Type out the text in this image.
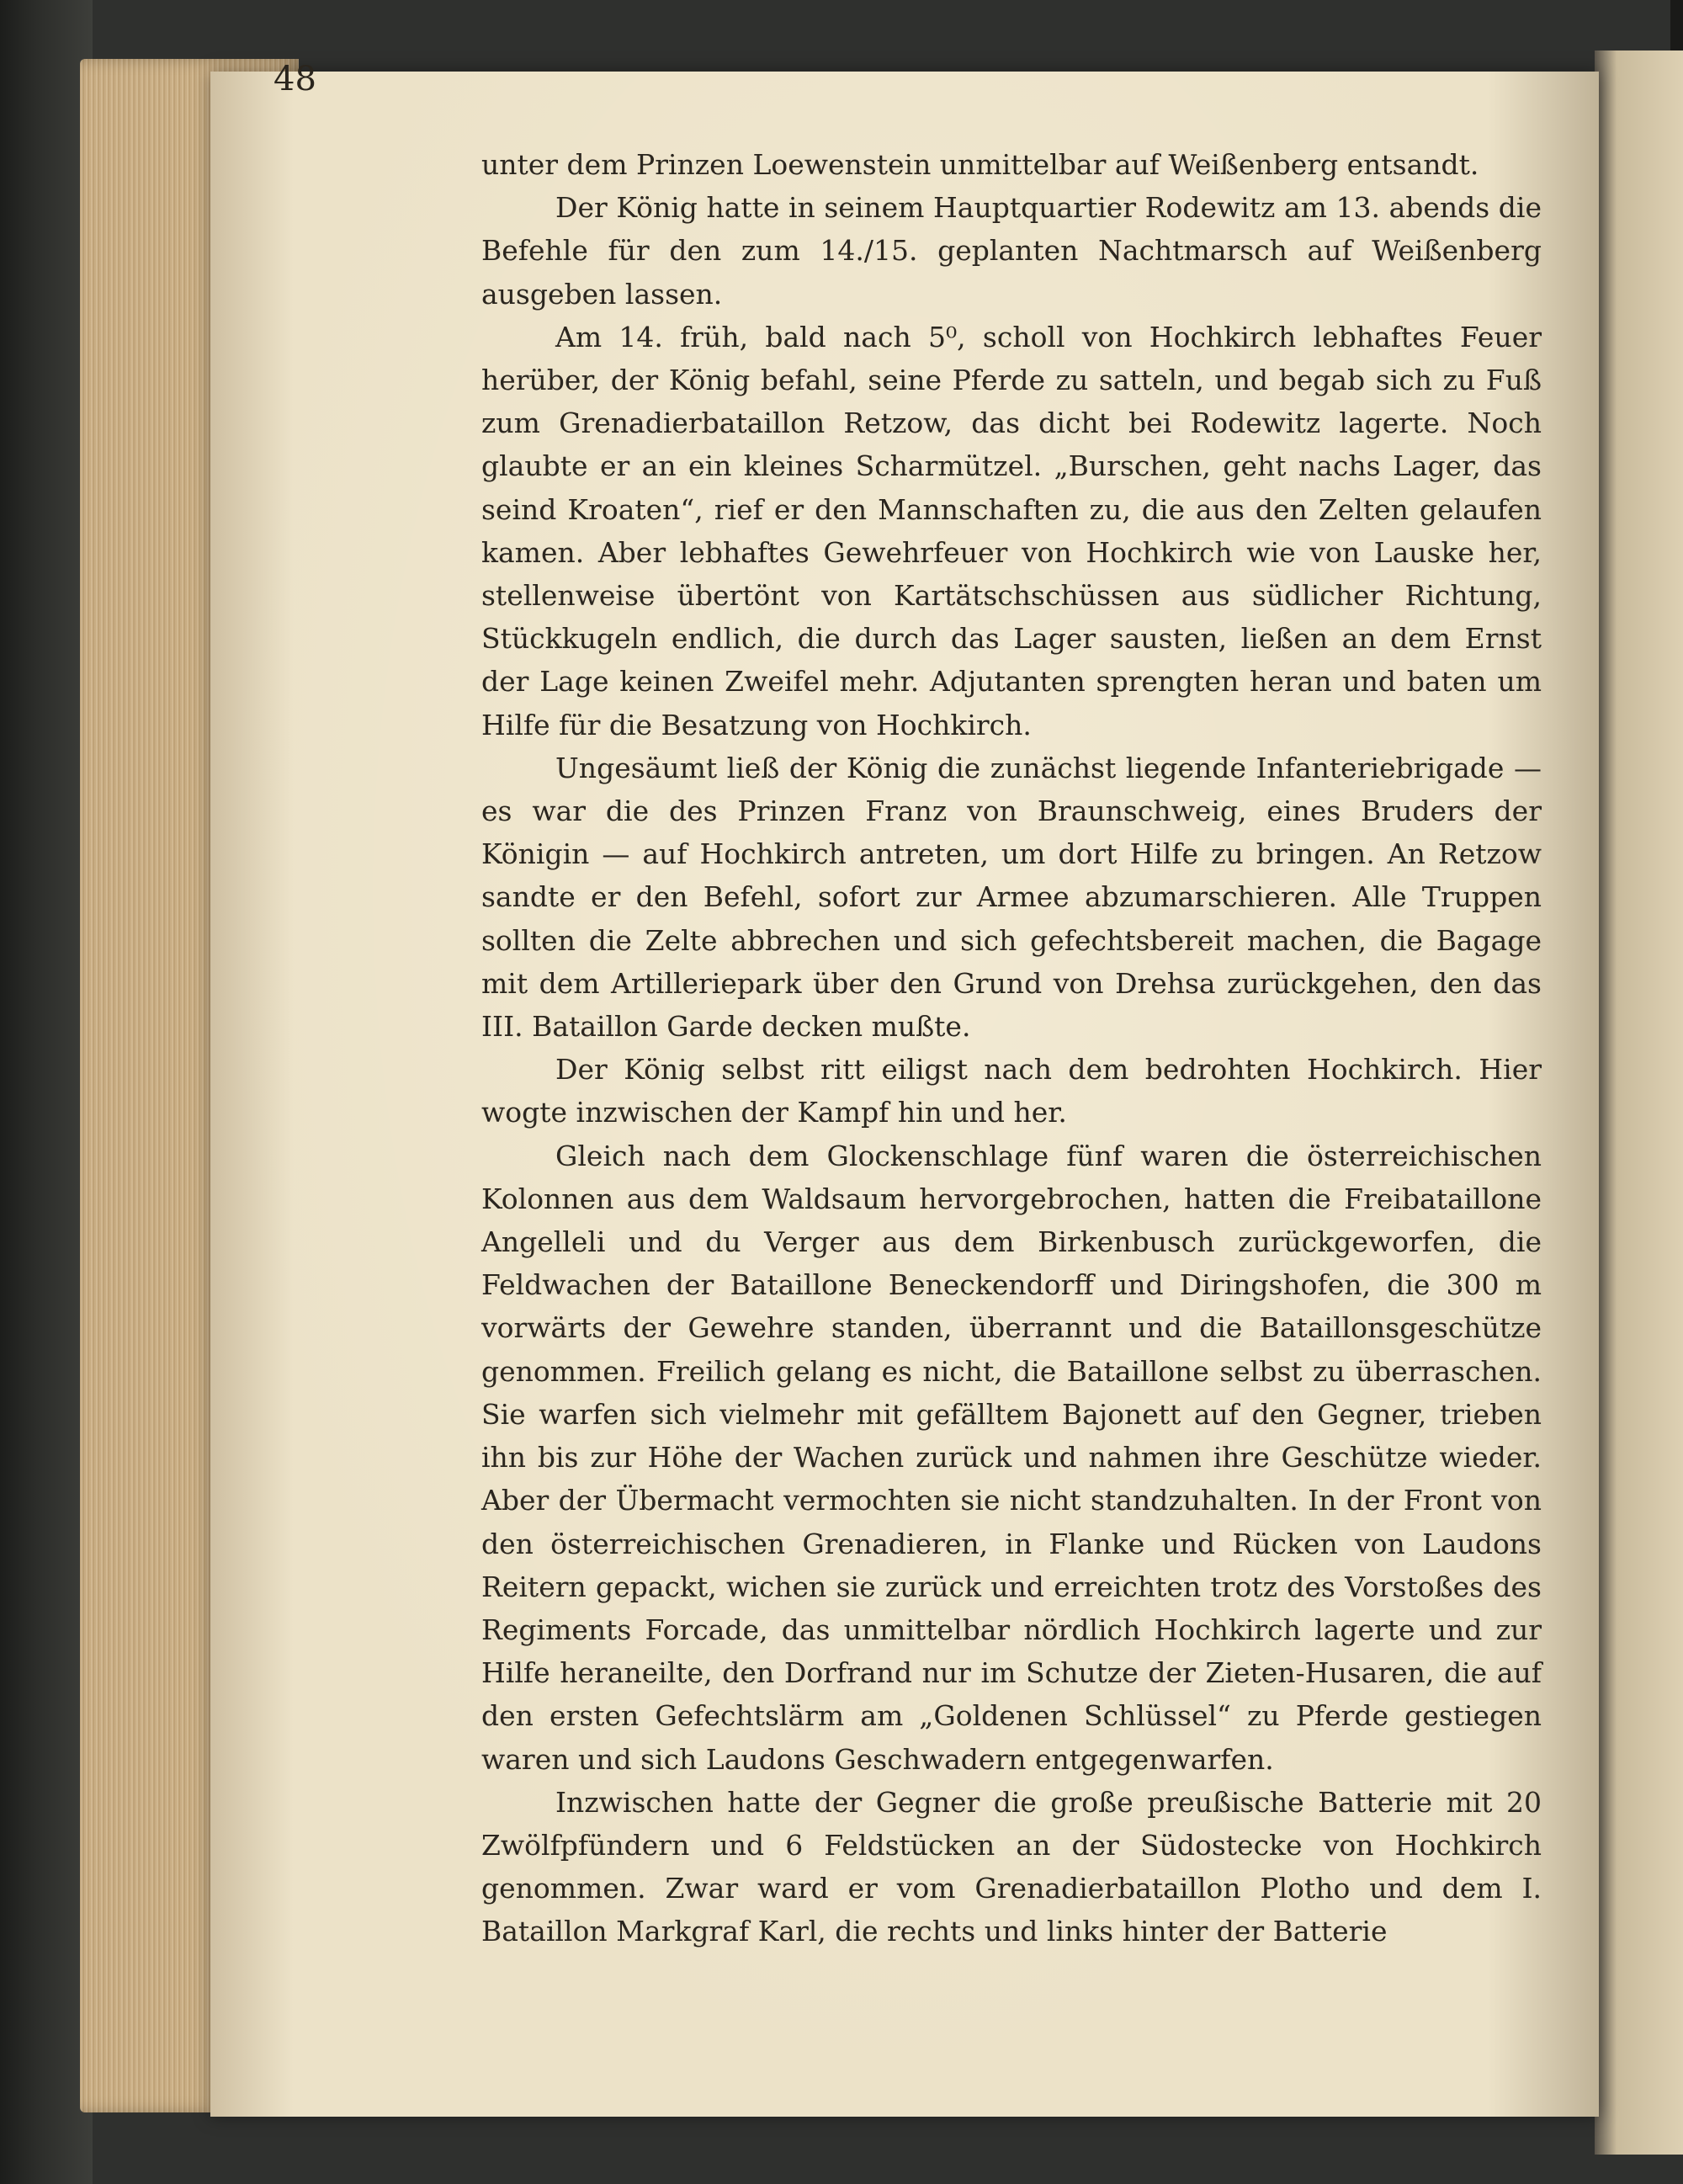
48

unter dem Prinzen Loewenstein unmittelbar auf Weißenberg entsandt.

Der König hatte in seinem Hauptquartier Rodewitz am 13. abends die Befehle für den zum 14./15. geplanten Nachtmarsch auf Weißenberg ausgeben lassen.

Am 14. früh, bald nach 5⁰, scholl von Hochkirch lebhaftes Feuer herüber, der König befahl, seine Pferde zu satteln, und begab sich zu Fuß zum Grenadierbataillon Retzow, das dicht bei Rodewitz lagerte. Noch glaubte er an ein kleines Scharmützel. „Burschen, geht nachs Lager, das seind Kroaten“, rief er den Mannschaften zu, die aus den Zelten gelaufen kamen. Aber lebhaftes Gewehrfeuer von Hochkirch wie von Lauske her, stellenweise übertönt von Kartätschschüssen aus südlicher Richtung, Stückkugeln endlich, die durch das Lager sausten, ließen an dem Ernst der Lage keinen Zweifel mehr. Adjutanten sprengten heran und baten um Hilfe für die Besatzung von Hochkirch.

Ungesäumt ließ der König die zunächst liegende Infanteriebrigade — es war die des Prinzen Franz von Braunschweig, eines Bruders der Königin — auf Hochkirch antreten, um dort Hilfe zu bringen. An Retzow sandte er den Befehl, sofort zur Armee abzumarschieren. Alle Truppen sollten die Zelte abbrechen und sich gefechtsbereit machen, die Bagage mit dem Artilleriepark über den Grund von Drehsa zurückgehen, den das III. Bataillon Garde decken mußte.

Der König selbst ritt eiligst nach dem bedrohten Hochkirch. Hier wogte inzwischen der Kampf hin und her.

Gleich nach dem Glockenschlage fünf waren die österreichischen Kolonnen aus dem Waldsaum hervorgebrochen, hatten die Freibataillone Angelleli und du Verger aus dem Birkenbusch zurückgeworfen, die Feldwachen der Bataillone Beneckendorff und Diringshofen, die 300 m vorwärts der Gewehre standen, überrannt und die Bataillonsgeschütze genommen. Freilich gelang es nicht, die Bataillone selbst zu überraschen. Sie warfen sich vielmehr mit gefälltem Bajonett auf den Gegner, trieben ihn bis zur Höhe der Wachen zurück und nahmen ihre Geschütze wieder. Aber der Übermacht vermochten sie nicht standzuhalten. In der Front von den österreichischen Grenadieren, in Flanke und Rücken von Laudons Reitern gepackt, wichen sie zurück und erreichten trotz des Vorstoßes des Regiments Forcade, das unmittelbar nördlich Hochkirch lagerte und zur Hilfe heraneilte, den Dorfrand nur im Schutze der Zieten-Husaren, die auf den ersten Gefechtslärm am „Goldenen Schlüssel“ zu Pferde gestiegen waren und sich Laudons Geschwadern entgegenwarfen.

Inzwischen hatte der Gegner die große preußische Batterie mit 20 Zwölfpfündern und 6 Feldstücken an der Südostecke von Hochkirch genommen. Zwar ward er vom Grenadierbataillon Plotho und dem I. Bataillon Markgraf Karl, die rechts und links hinter der Batterie
